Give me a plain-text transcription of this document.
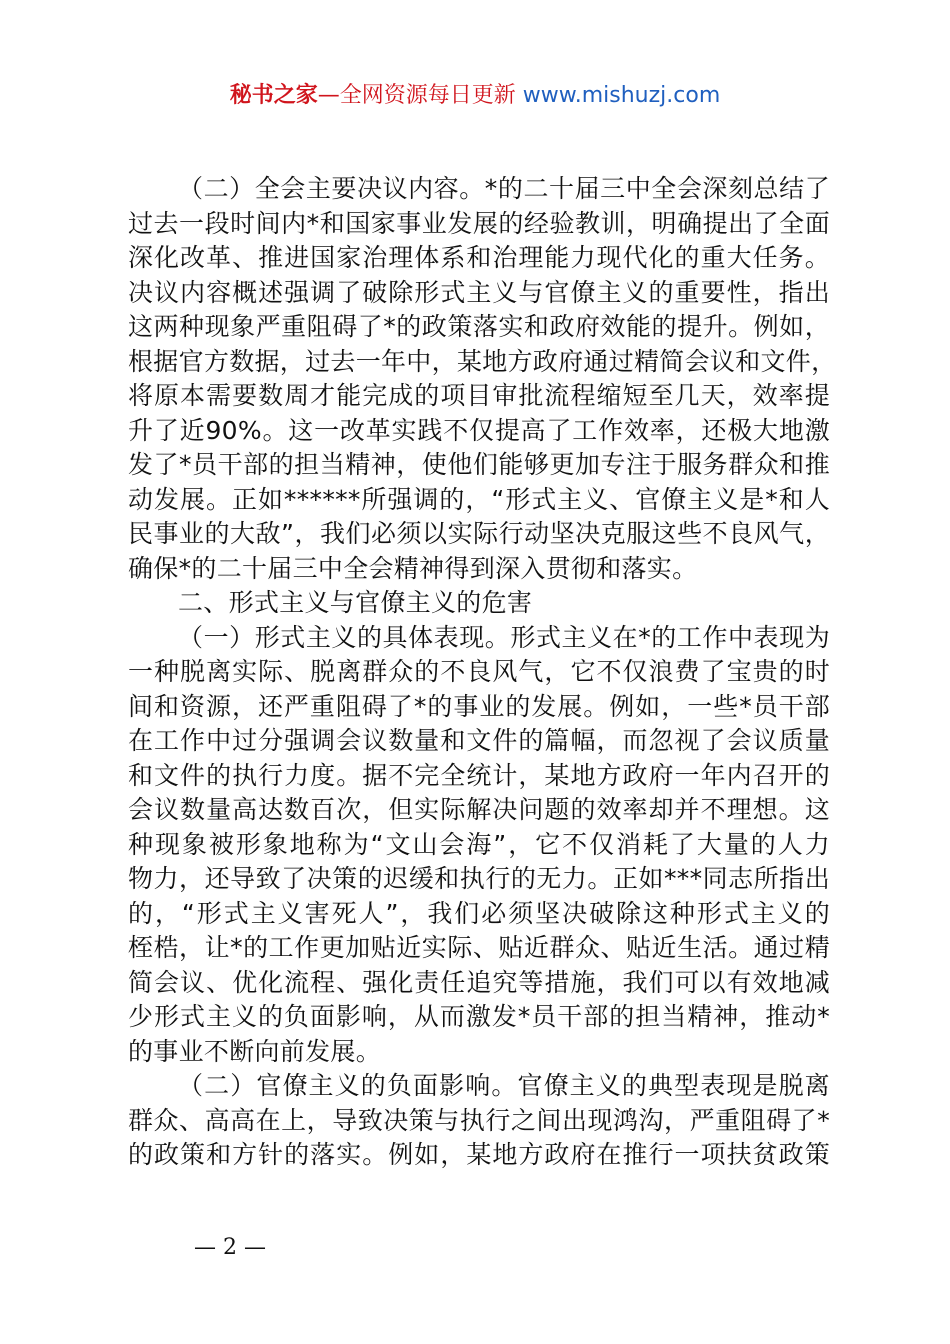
秘书之家—全网资源每日更新 www.mishuzj.com
（二）全会主要决议内容。*的二十届三中全会深刻总结了
过去一段时间内*和国家事业发展的经验教训，明确提出了全面
深化改革、推进国家治理体系和治理能力现代化的重大任务。
决议内容概述强调了破除形式主义与官僚主义的重要性，指出
这两种现象严重阻碍了*的政策落实和政府效能的提升。例如，
根据官方数据，过去一年中，某地方政府通过精简会议和文件，
将原本需要数周才能完成的项目审批流程缩短至几天，效率提
升了近90%。这一改革实践不仅提高了工作效率，还极大地激
发了*员干部的担当精神，使他们能够更加专注于服务群众和推
动发展。正如******所强调的，“形式主义、官僚主义是*和人
民事业的大敌”，我们必须以实际行动坚决克服这些不良风气，
确保*的二十届三中全会精神得到深入贯彻和落实。
二、形式主义与官僚主义的危害
（一）形式主义的具体表现。形式主义在*的工作中表现为
一种脱离实际、脱离群众的不良风气，它不仅浪费了宝贵的时
间和资源，还严重阻碍了*的事业的发展。例如，一些*员干部
在工作中过分强调会议数量和文件的篇幅，而忽视了会议质量
和文件的执行力度。据不完全统计，某地方政府一年内召开的
会议数量高达数百次，但实际解决问题的效率却并不理想。这
种现象被形象地称为“文山会海”，它不仅消耗了大量的人力
物力，还导致了决策的迟缓和执行的无力。正如***同志所指出
的，“形式主义害死人”，我们必须坚决破除这种形式主义的
桎梏，让*的工作更加贴近实际、贴近群众、贴近生活。通过精
简会议、优化流程、强化责任追究等措施，我们可以有效地减
少形式主义的负面影响，从而激发*员干部的担当精神，推动*
的事业不断向前发展。
（二）官僚主义的负面影响。官僚主义的典型表现是脱离
群众、高高在上，导致决策与执行之间出现鸿沟，严重阻碍了*
的政策和方针的落实。例如，某地方政府在推行一项扶贫政策
— 2 —
